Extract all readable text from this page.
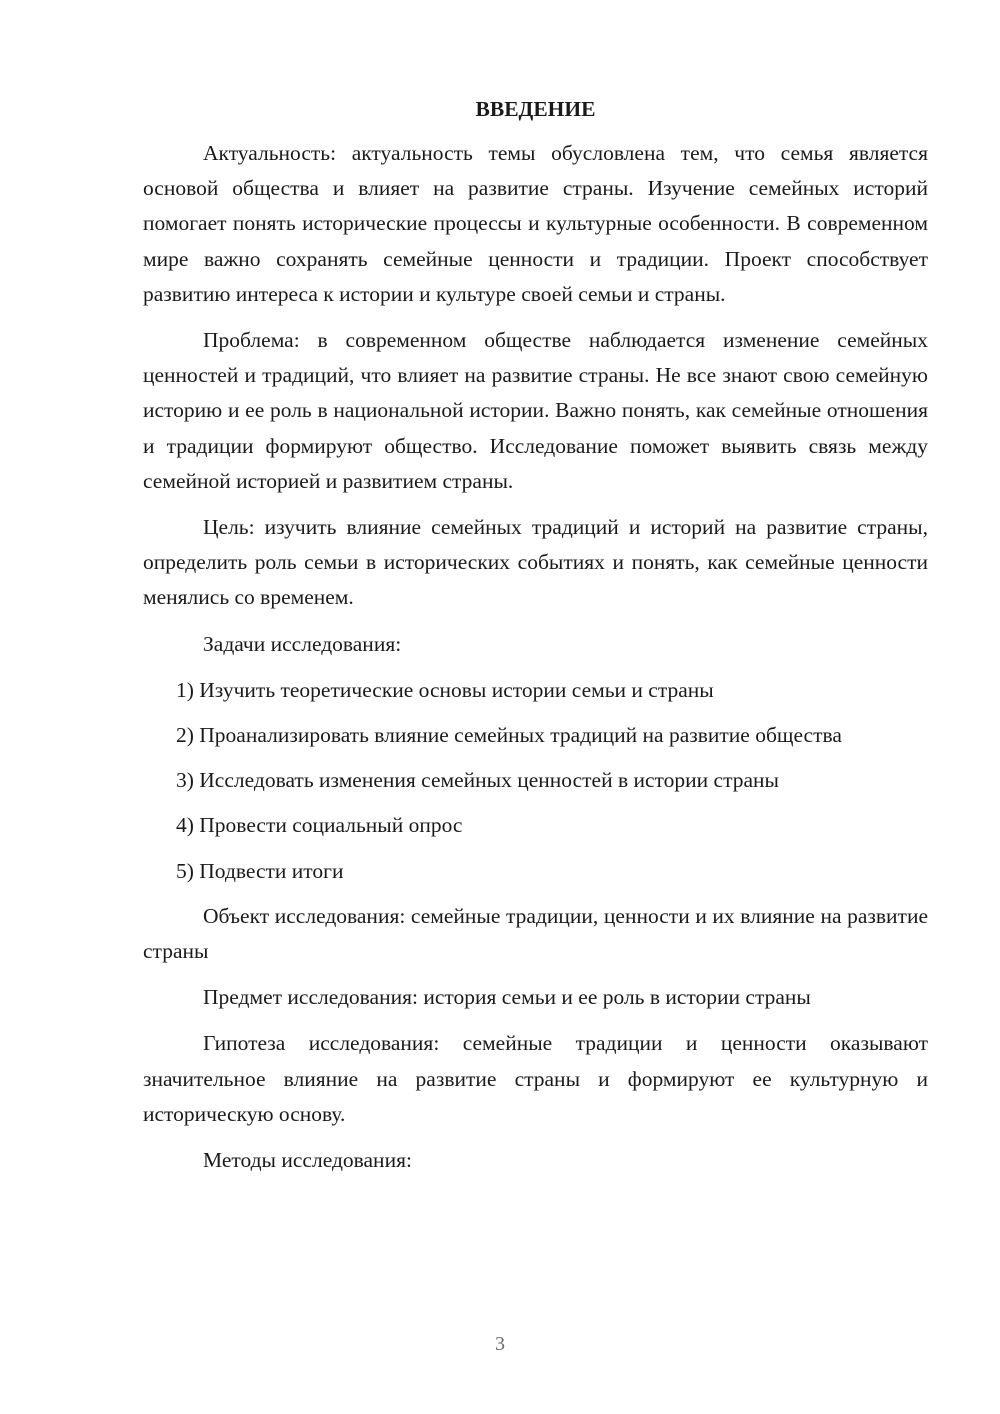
ВВЕДЕНИЕ

Актуальность: актуальность темы обусловлена тем, что семья является основой общества и влияет на развитие страны. Изучение семейных историй помогает понять исторические процессы и культурные особенности. В современном мире важно сохранять семейные ценности и традиции. Проект способствует развитию интереса к истории и культуре своей семьи и страны.

Проблема: в современном обществе наблюдается изменение семейных ценностей и традиций, что влияет на развитие страны. Не все знают свою семейную историю и ее роль в национальной истории. Важно понять, как семейные отношения и традиции формируют общество. Исследование поможет выявить связь между семейной историей и развитием страны.

Цель: изучить влияние семейных традиций и историй на развитие страны, определить роль семьи в исторических событиях и понять, как семейные ценности менялись со временем.

Задачи исследования:

1) Изучить теоретические основы истории семьи и страны
2) Проанализировать влияние семейных традиций на развитие общества
3) Исследовать изменения семейных ценностей в истории страны
4) Провести социальный опрос
5) Подвести итоги

Объект исследования: семейные традиции, ценности и их влияние на развитие страны

Предмет исследования: история семьи и ее роль в истории страны

Гипотеза исследования: семейные традиции и ценности оказывают значительное влияние на развитие страны и формируют ее культурную и историческую основу.

Методы исследования:

3
